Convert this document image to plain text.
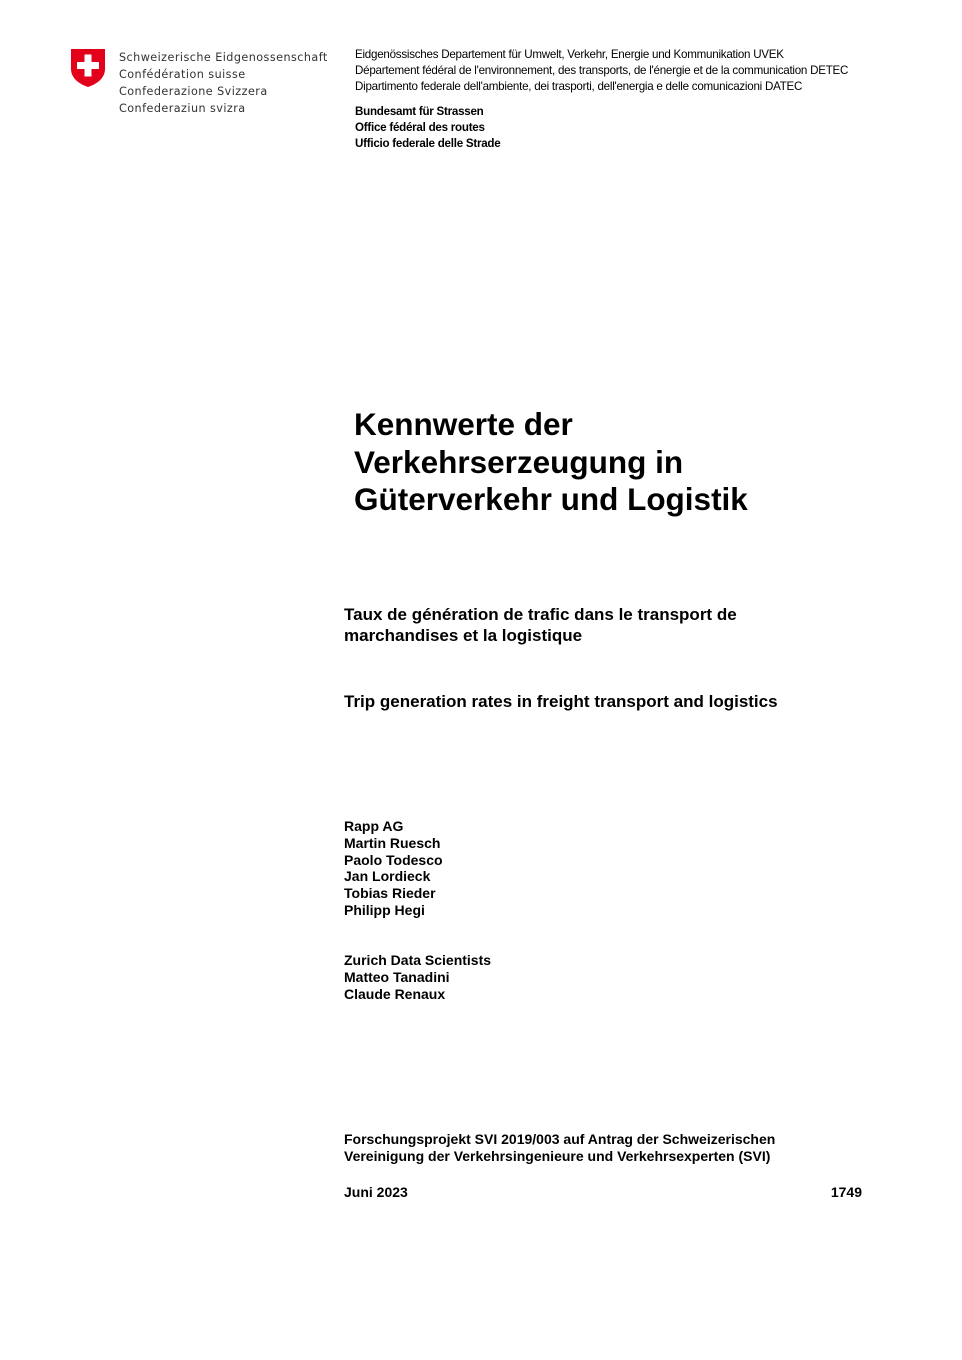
Schweizerische Eidgenossenschaft
Confédération suisse
Confederazione Svizzera
Confederaziun svizra
Eidgenössisches Departement für Umwelt, Verkehr, Energie und Kommunikation UVEK
Département fédéral de l'environnement, des transports, de l'énergie et de la communication DETEC
Dipartimento federale dell'ambiente, dei trasporti, dell'energia e delle comunicazioni DATEC
Bundesamt für Strassen
Office fédéral des routes
Ufficio federale delle Strade
Kennwerte der
Verkehrserzeugung in
Güterverkehr und Logistik
Taux de génération de trafic dans le transport de
marchandises et la logistique
Trip generation rates in freight transport and logistics
Rapp AG
Martin Ruesch
Paolo Todesco
Jan Lordieck
Tobias Rieder
Philipp Hegi
Zurich Data Scientists
Matteo Tanadini
Claude Renaux
Forschungsprojekt SVI 2019/003 auf Antrag der Schweizerischen
Vereinigung der Verkehrsingenieure und Verkehrsexperten (SVI)
Juni 2023	1749
